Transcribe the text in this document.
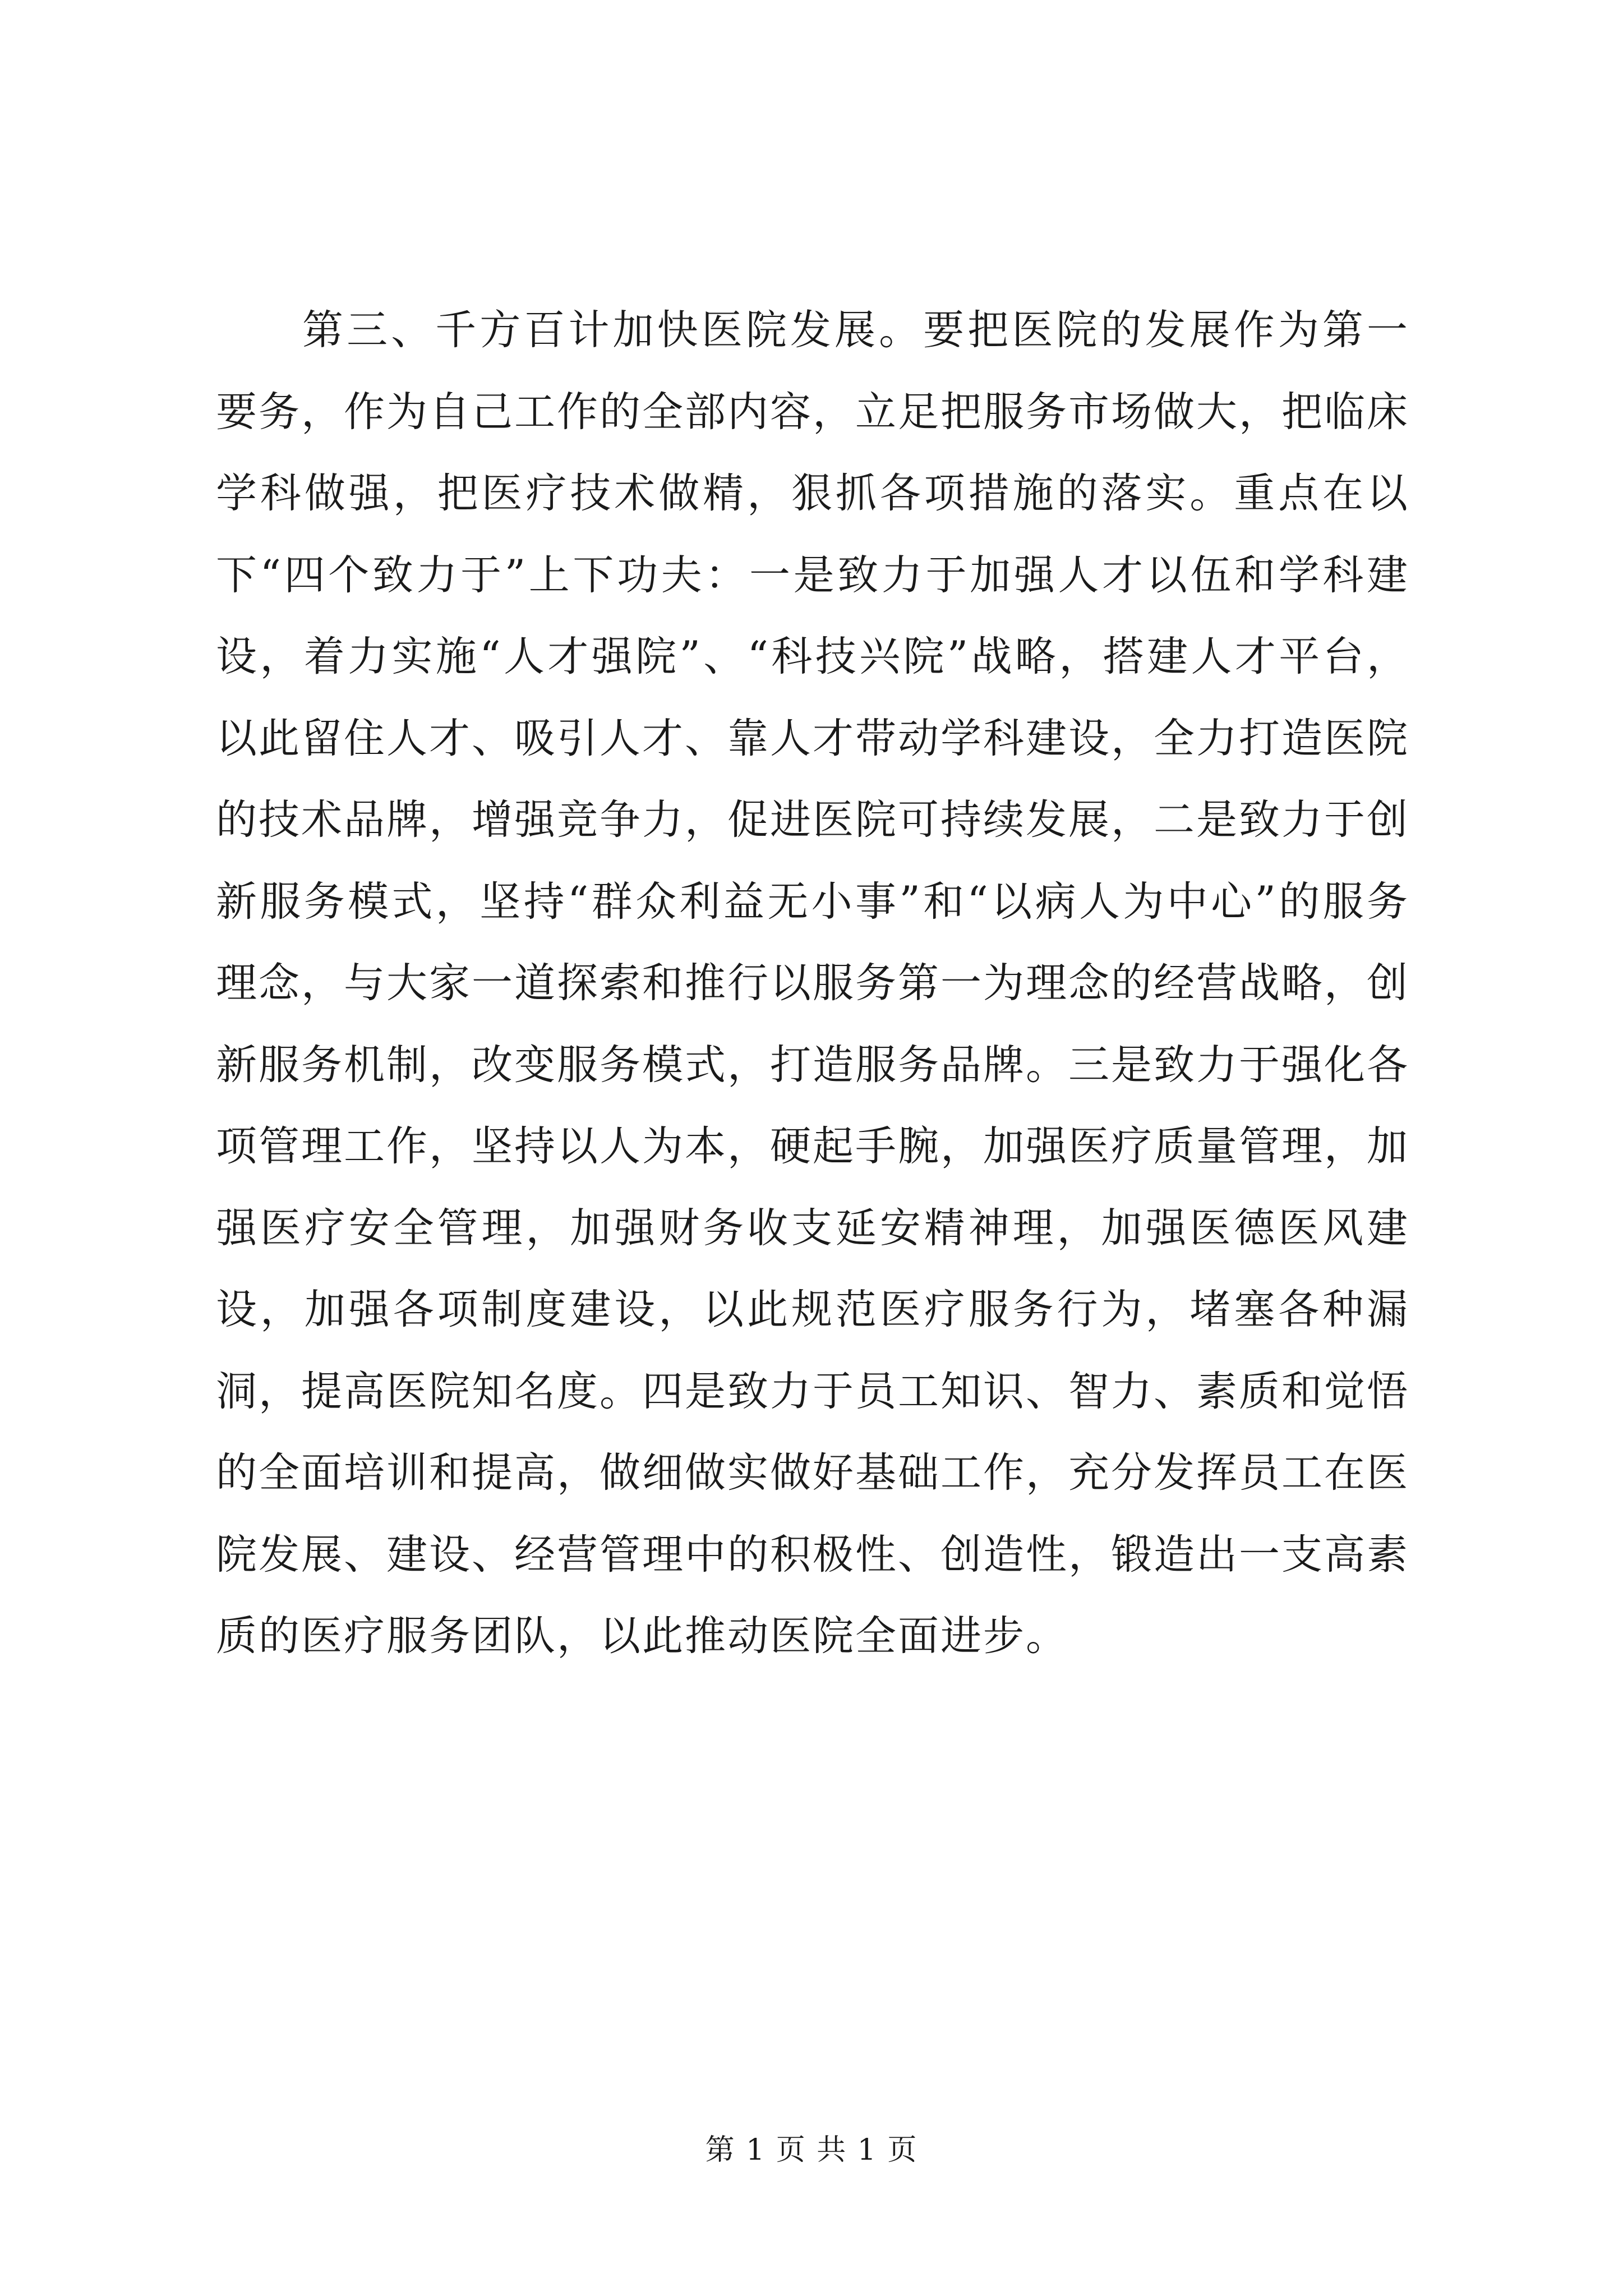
第三、千方百计加快医院发展。要把医院的发展作为第一要务，作为自己工作的全部内容，立足把服务市场做大，把临床学科做强，把医疗技术做精，狠抓各项措施的落实。重点在以下“四个致力于”上下功夫：一是致力于加强人才以伍和学科建设，着力实施“人才强院”、“科技兴院”战略，搭建人才平台，以此留住人才、吸引人才、靠人才带动学科建设，全力打造医院的技术品牌，增强竞争力，促进医院可持续发展，二是致力于创新服务模式，坚持“群众利益无小事”和“以病人为中心”的服务理念，与大家一道探索和推行以服务第一为理念的经营战略，创新服务机制，改变服务模式，打造服务品牌。三是致力于强化各项管理工作，坚持以人为本，硬起手腕，加强医疗质量管理，加强医疗安全管理，加强财务收支延安精神理，加强医德医风建设，加强各项制度建设，以此规范医疗服务行为，堵塞各种漏洞，提高医院知名度。四是致力于员工知识、智力、素质和觉悟的全面培训和提高，做细做实做好基础工作，充分发挥员工在医院发展、建设、经营管理中的积极性、创造性，锻造出一支高素质的医疗服务团队，以此推动医院全面进步。

第 1 页 共 1 页
